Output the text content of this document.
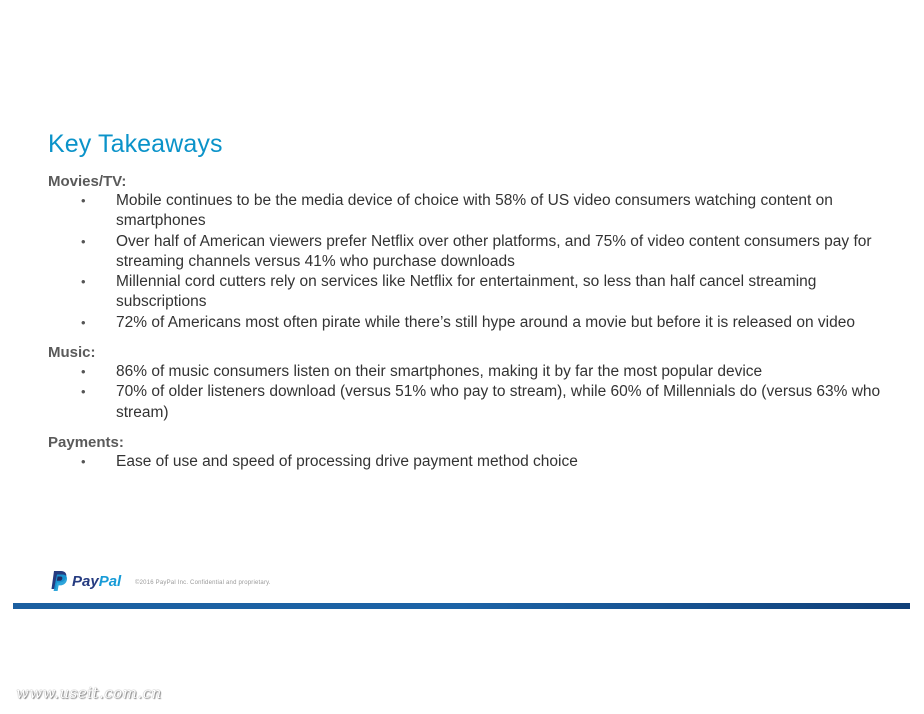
Key Takeaways

Movies/TV:

• Mobile continues to be the media device of choice with 58% of US video consumers watching content on smartphones
• Over half of American viewers prefer Netflix over other platforms, and 75% of video content consumers pay for streaming channels versus 41% who purchase downloads
• Millennial cord cutters rely on services like Netflix for entertainment, so less than half cancel streaming subscriptions
• 72% of Americans most often pirate while there’s still hype around a movie but before it is released on video

Music:

• 86% of music consumers listen on their smartphones, making it by far the most popular device
• 70% of older listeners download (versus 51% who pay to stream), while 60% of Millennials do (versus 63% who stream)

Payments:

• Ease of use and speed of processing drive payment method choice
PayPal ©2016 PayPal Inc. Confidential and proprietary.
www.useit.com.cn
